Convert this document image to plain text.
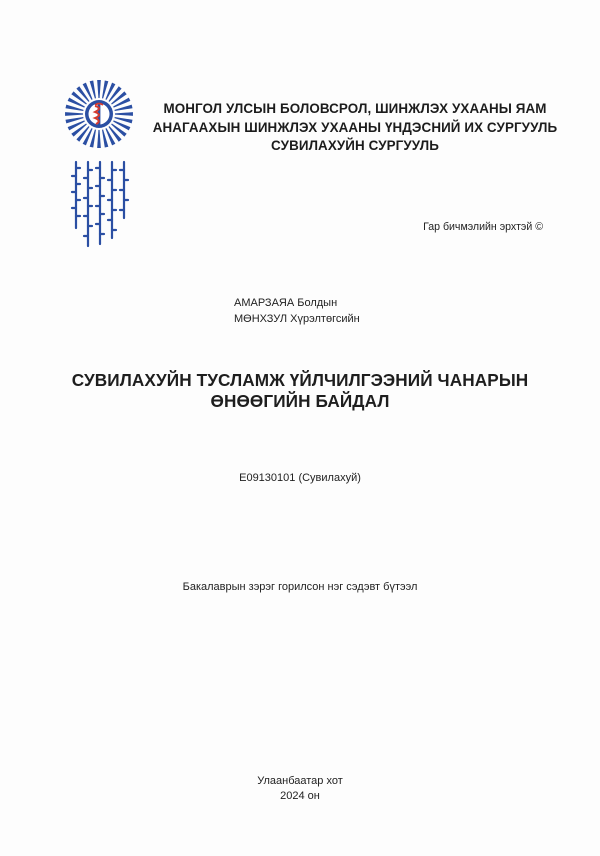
МОНГОЛ УЛСЫН БОЛОВСРОЛ, ШИНЖЛЭХ УХААНЫ ЯАМ
АНАГААХЫН ШИНЖЛЭХ УХААНЫ ҮНДЭСНИЙ ИХ СУРГУУЛЬ
СУВИЛАХУЙН СУРГУУЛЬ
Гар бичмэлийн эрхтэй ©
АМАРЗАЯА Болдын
МӨНХЗУЛ Хүрэлтөгсийн
СУВИЛАХУЙН ТУСЛАМЖ ҮЙЛЧИЛГЭЭНИЙ ЧАНАРЫН
ӨНӨӨГИЙН БАЙДАЛ
E09130101 (Сувилахуй)
Бакалаврын зэрэг горилсон нэг сэдэвт бүтээл
Улаанбаатар хот
2024 он
